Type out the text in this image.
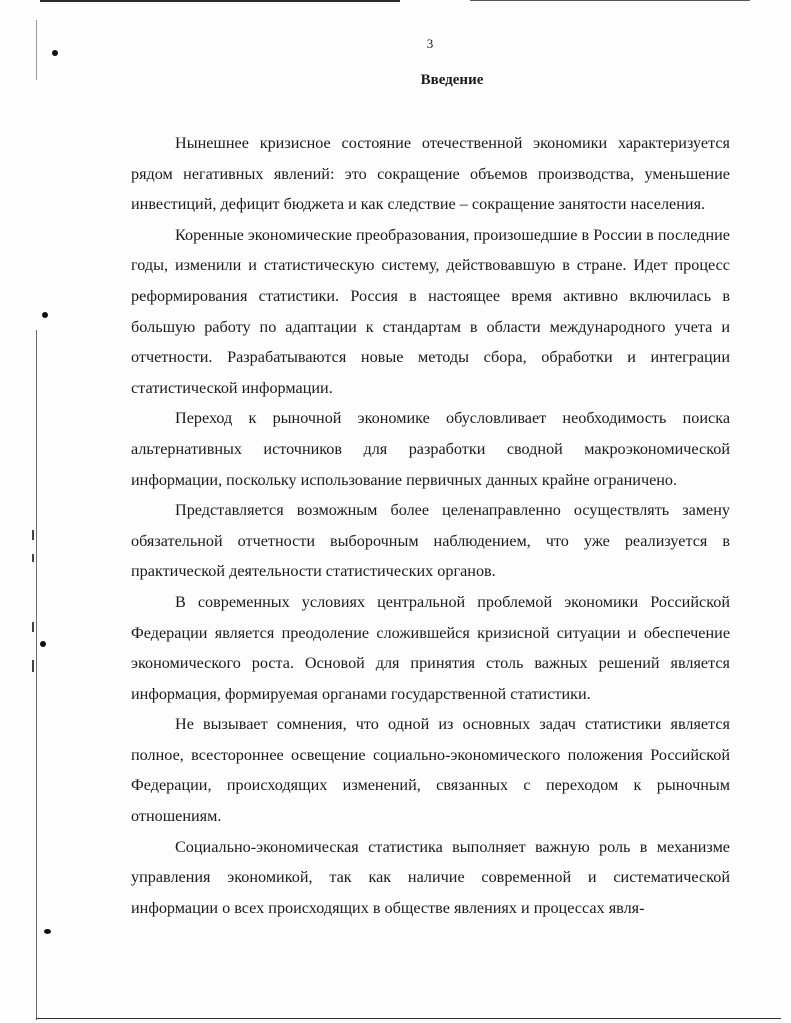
3
Введение

Нынешнее кризисное состояние отечественной экономики характеризуется рядом негативных явлений: это сокращение объемов производства, уменьшение инвестиций, дефицит бюджета и как следствие – сокращение занятости населения.

Коренные экономические преобразования, произошедшие в России в последние годы, изменили и статистическую систему, действовавшую в стране. Идет процесс реформирования статистики. Россия в настоящее время активно включилась в большую работу по адаптации к стандартам в области международного учета и отчетности. Разрабатываются новые методы сбора, обработки и интеграции статистической информации.

Переход к рыночной экономике обусловливает необходимость поиска альтернативных источников для разработки сводной макроэкономической информации, поскольку использование первичных данных крайне ограничено.

Представляется возможным более целенаправленно осуществлять замену обязательной отчетности выборочным наблюдением, что уже реализуется в практической деятельности статистических органов.

В современных условиях центральной проблемой экономики Российской Федерации является преодоление сложившейся кризисной ситуации и обеспечение экономического роста. Основой для принятия столь важных решений является информация, формируемая органами государственной статистики.

Не вызывает сомнения, что одной из основных задач статистики является полное, всестороннее освещение социально-экономического положения Российской Федерации, происходящих изменений, связанных с переходом к рыночным отношениям.

Социально-экономическая статистика выполняет важную роль в механизме управления экономикой, так как наличие современной и систематической информации о всех происходящих в обществе явлениях и процессах явля-
